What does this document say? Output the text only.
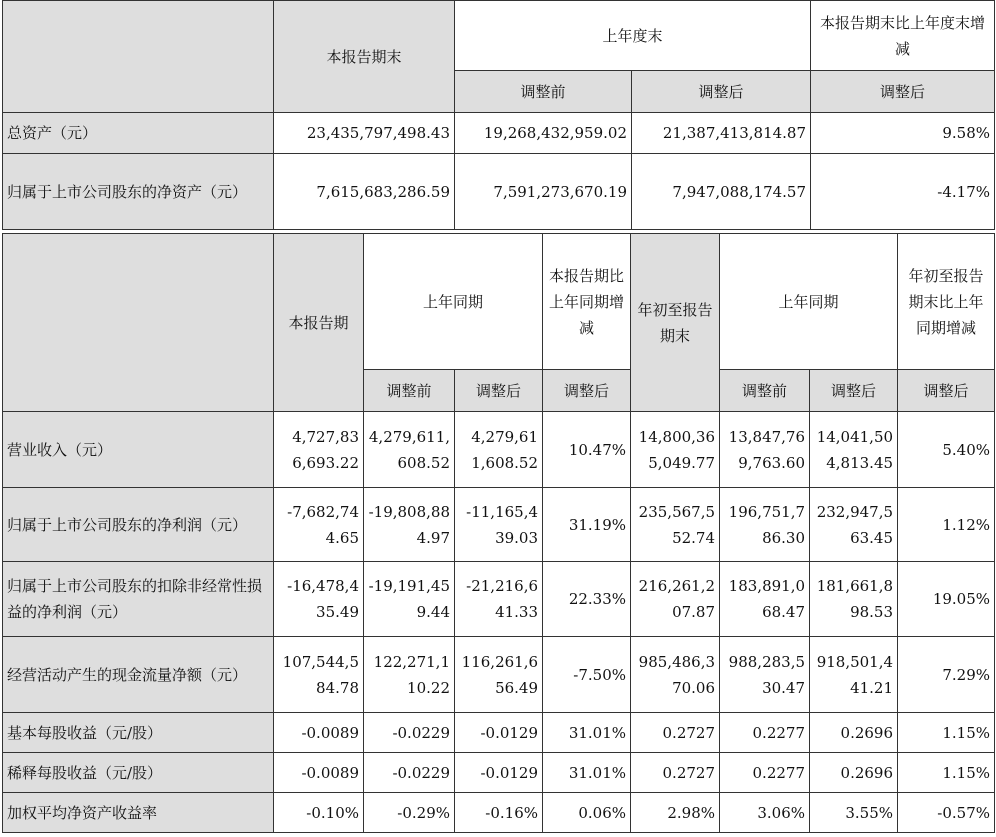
	本报告期末	上年度末		本报告期末比上年度末增减
		调整前	调整后	调整后
总资产（元）	23,435,797,498.43	19,268,432,959.02	21,387,413,814.87	9.58%
归属于上市公司股东的净资产（元）	7,615,683,286.59	7,591,273,670.19	7,947,088,174.57	-4.17%
	本报告期	上年同期		本报告期比上年同期增减	年初至报告期末	上年同期		年初至报告期末比上年同期增减
		调整前	调整后	调整后		调整前	调整后	调整后
营业收入（元）	4,727,836,693.22	4,279,611,608.52	4,279,611,608.52	10.47%	14,800,365,049.77	13,847,769,763.60	14,041,504,813.45	5.40%
归属于上市公司股东的净利润（元）	-7,682,744.65	-19,808,884.97	-11,165,439.03	31.19%	235,567,552.74	196,751,786.30	232,947,563.45	1.12%
归属于上市公司股东的扣除非经常性损益的净利润（元）	-16,478,435.49	-19,191,459.44	-21,216,641.33	22.33%	216,261,207.87	183,891,068.47	181,661,898.53	19.05%
经营活动产生的现金流量净额（元）	107,544,584.78	122,271,110.22	116,261,656.49	-7.50%	985,486,370.06	988,283,530.47	918,501,441.21	7.29%
基本每股收益（元/股）	-0.0089	-0.0229	-0.0129	31.01%	0.2727	0.2277	0.2696	1.15%
稀释每股收益（元/股）	-0.0089	-0.0229	-0.0129	31.01%	0.2727	0.2277	0.2696	1.15%
加权平均净资产收益率	-0.10%	-0.29%	-0.16%	0.06%	2.98%	3.06%	3.55%	-0.57%
